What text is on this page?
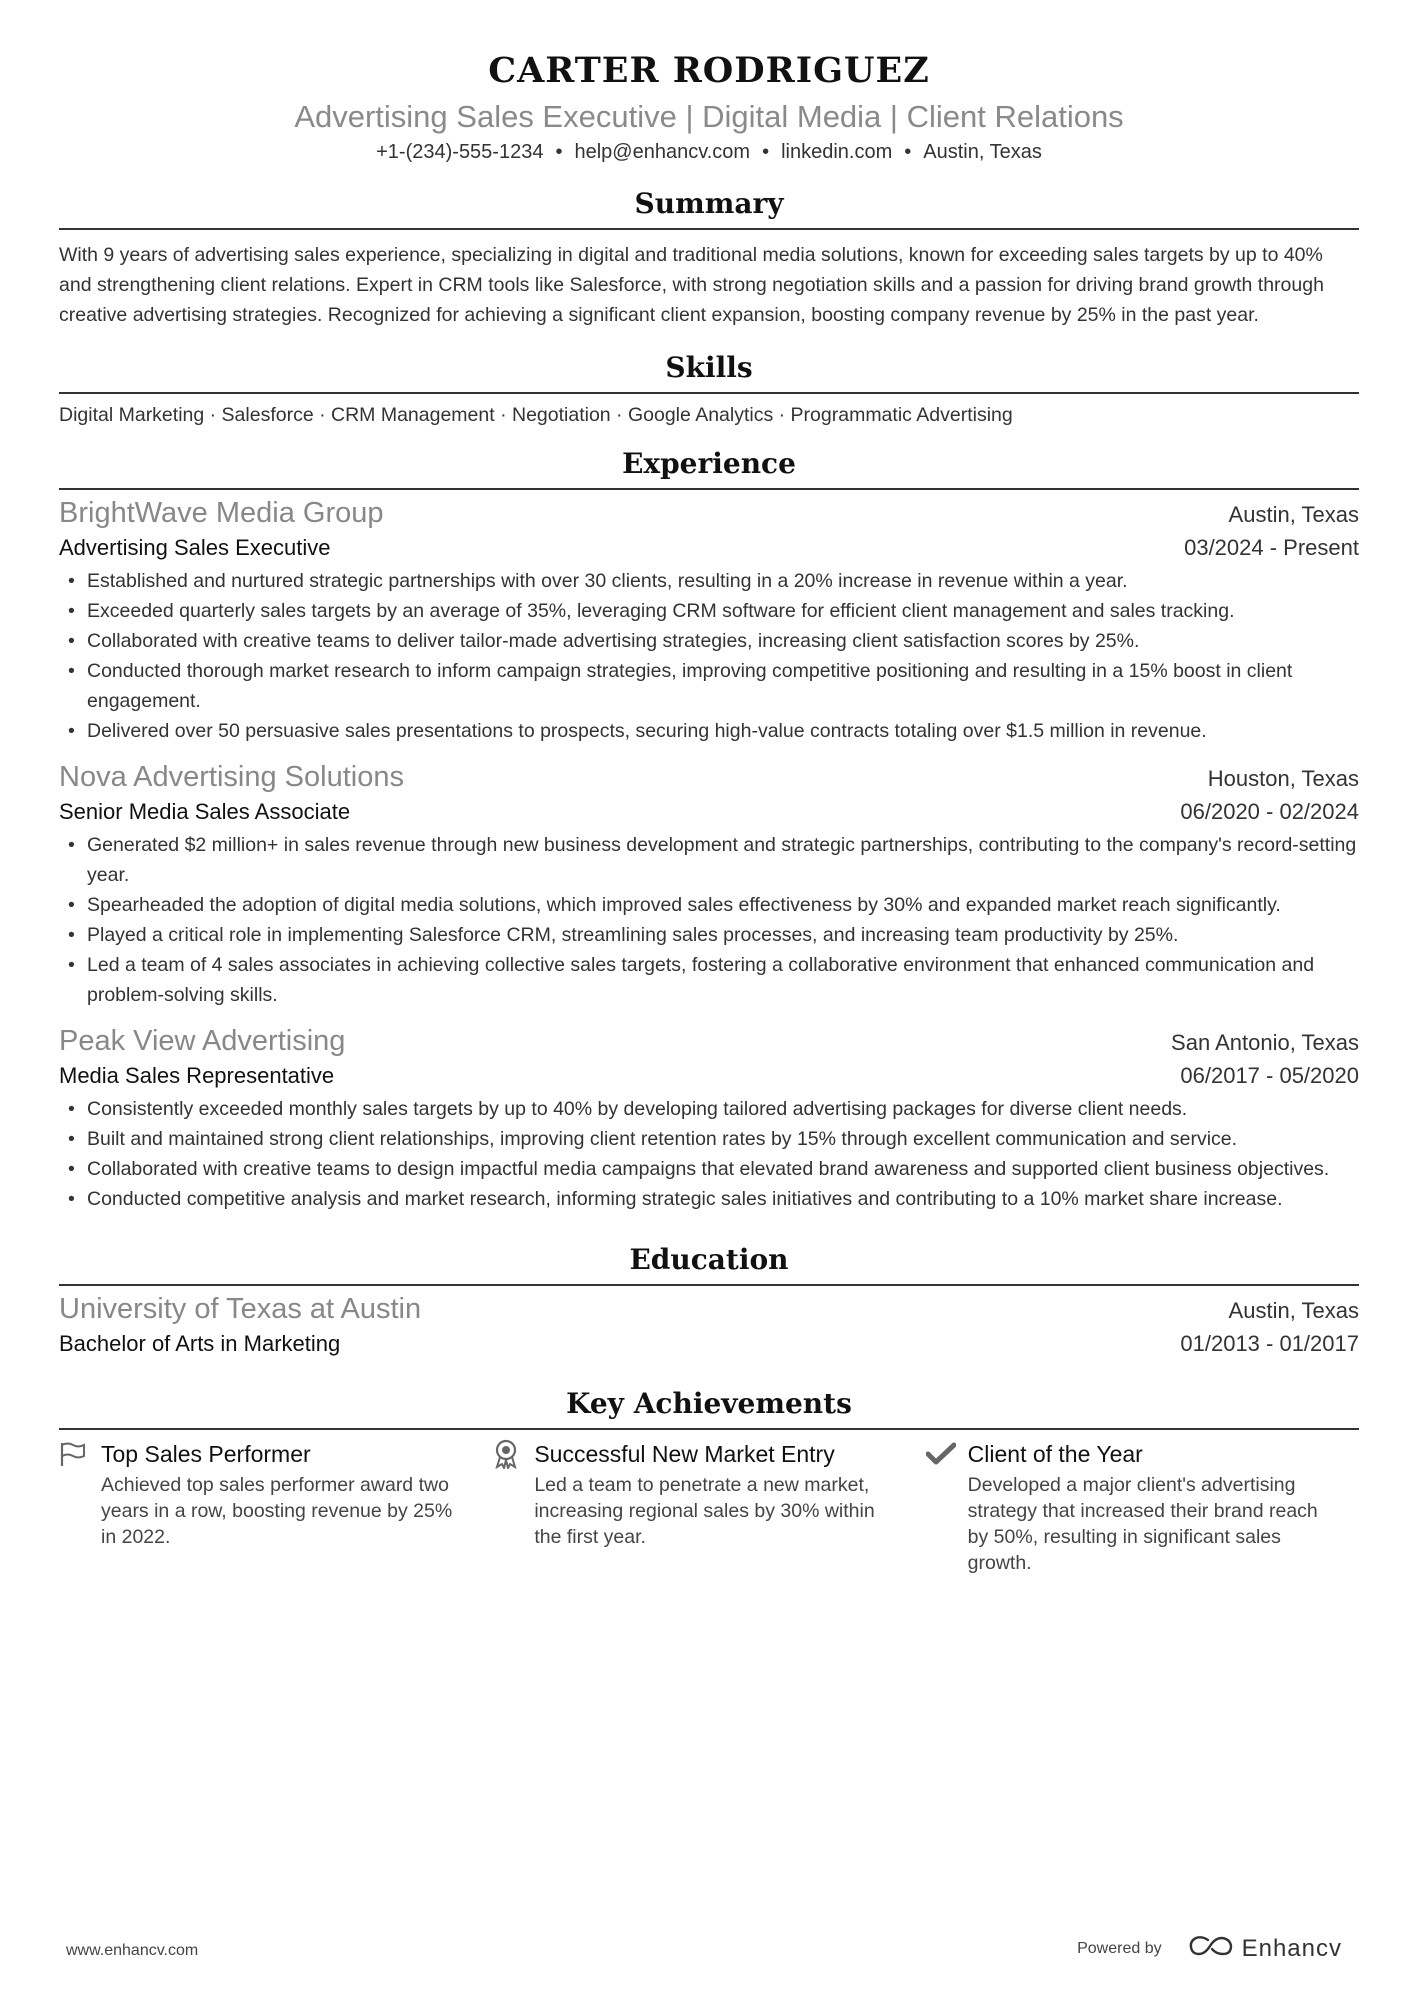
CARTER RODRIGUEZ
Advertising Sales Executive | Digital Media | Client Relations
+1-(234)-555-1234 • help@enhancv.com • linkedin.com • Austin, Texas
Summary
With 9 years of advertising sales experience, specializing in digital and traditional media solutions, known for exceeding sales targets by up to 40% and strengthening client relations. Expert in CRM tools like Salesforce, with strong negotiation skills and a passion for driving brand growth through creative advertising strategies. Recognized for achieving a significant client expansion, boosting company revenue by 25% in the past year.
Skills
Digital Marketing · Salesforce · CRM Management · Negotiation · Google Analytics · Programmatic Advertising
Experience
BrightWave Media Group	Austin, Texas
Advertising Sales Executive	03/2024 - Present
• Established and nurtured strategic partnerships with over 30 clients, resulting in a 20% increase in revenue within a year.
• Exceeded quarterly sales targets by an average of 35%, leveraging CRM software for efficient client management and sales tracking.
• Collaborated with creative teams to deliver tailor-made advertising strategies, increasing client satisfaction scores by 25%.
• Conducted thorough market research to inform campaign strategies, improving competitive positioning and resulting in a 15% boost in client engagement.
• Delivered over 50 persuasive sales presentations to prospects, securing high-value contracts totaling over $1.5 million in revenue.
Nova Advertising Solutions	Houston, Texas
Senior Media Sales Associate	06/2020 - 02/2024
• Generated $2 million+ in sales revenue through new business development and strategic partnerships, contributing to the company's record-setting year.
• Spearheaded the adoption of digital media solutions, which improved sales effectiveness by 30% and expanded market reach significantly.
• Played a critical role in implementing Salesforce CRM, streamlining sales processes, and increasing team productivity by 25%.
• Led a team of 4 sales associates in achieving collective sales targets, fostering a collaborative environment that enhanced communication and problem-solving skills.
Peak View Advertising	San Antonio, Texas
Media Sales Representative	06/2017 - 05/2020
• Consistently exceeded monthly sales targets by up to 40% by developing tailored advertising packages for diverse client needs.
• Built and maintained strong client relationships, improving client retention rates by 15% through excellent communication and service.
• Collaborated with creative teams to design impactful media campaigns that elevated brand awareness and supported client business objectives.
• Conducted competitive analysis and market research, informing strategic sales initiatives and contributing to a 10% market share increase.
Education
University of Texas at Austin	Austin, Texas
Bachelor of Arts in Marketing	01/2013 - 01/2017
Key Achievements
Top Sales Performer
Achieved top sales performer award two years in a row, boosting revenue by 25% in 2022.
Successful New Market Entry
Led a team to penetrate a new market, increasing regional sales by 30% within the first year.
Client of the Year
Developed a major client's advertising strategy that increased their brand reach by 50%, resulting in significant sales growth.
www.enhancv.com	Powered by	Enhancv
